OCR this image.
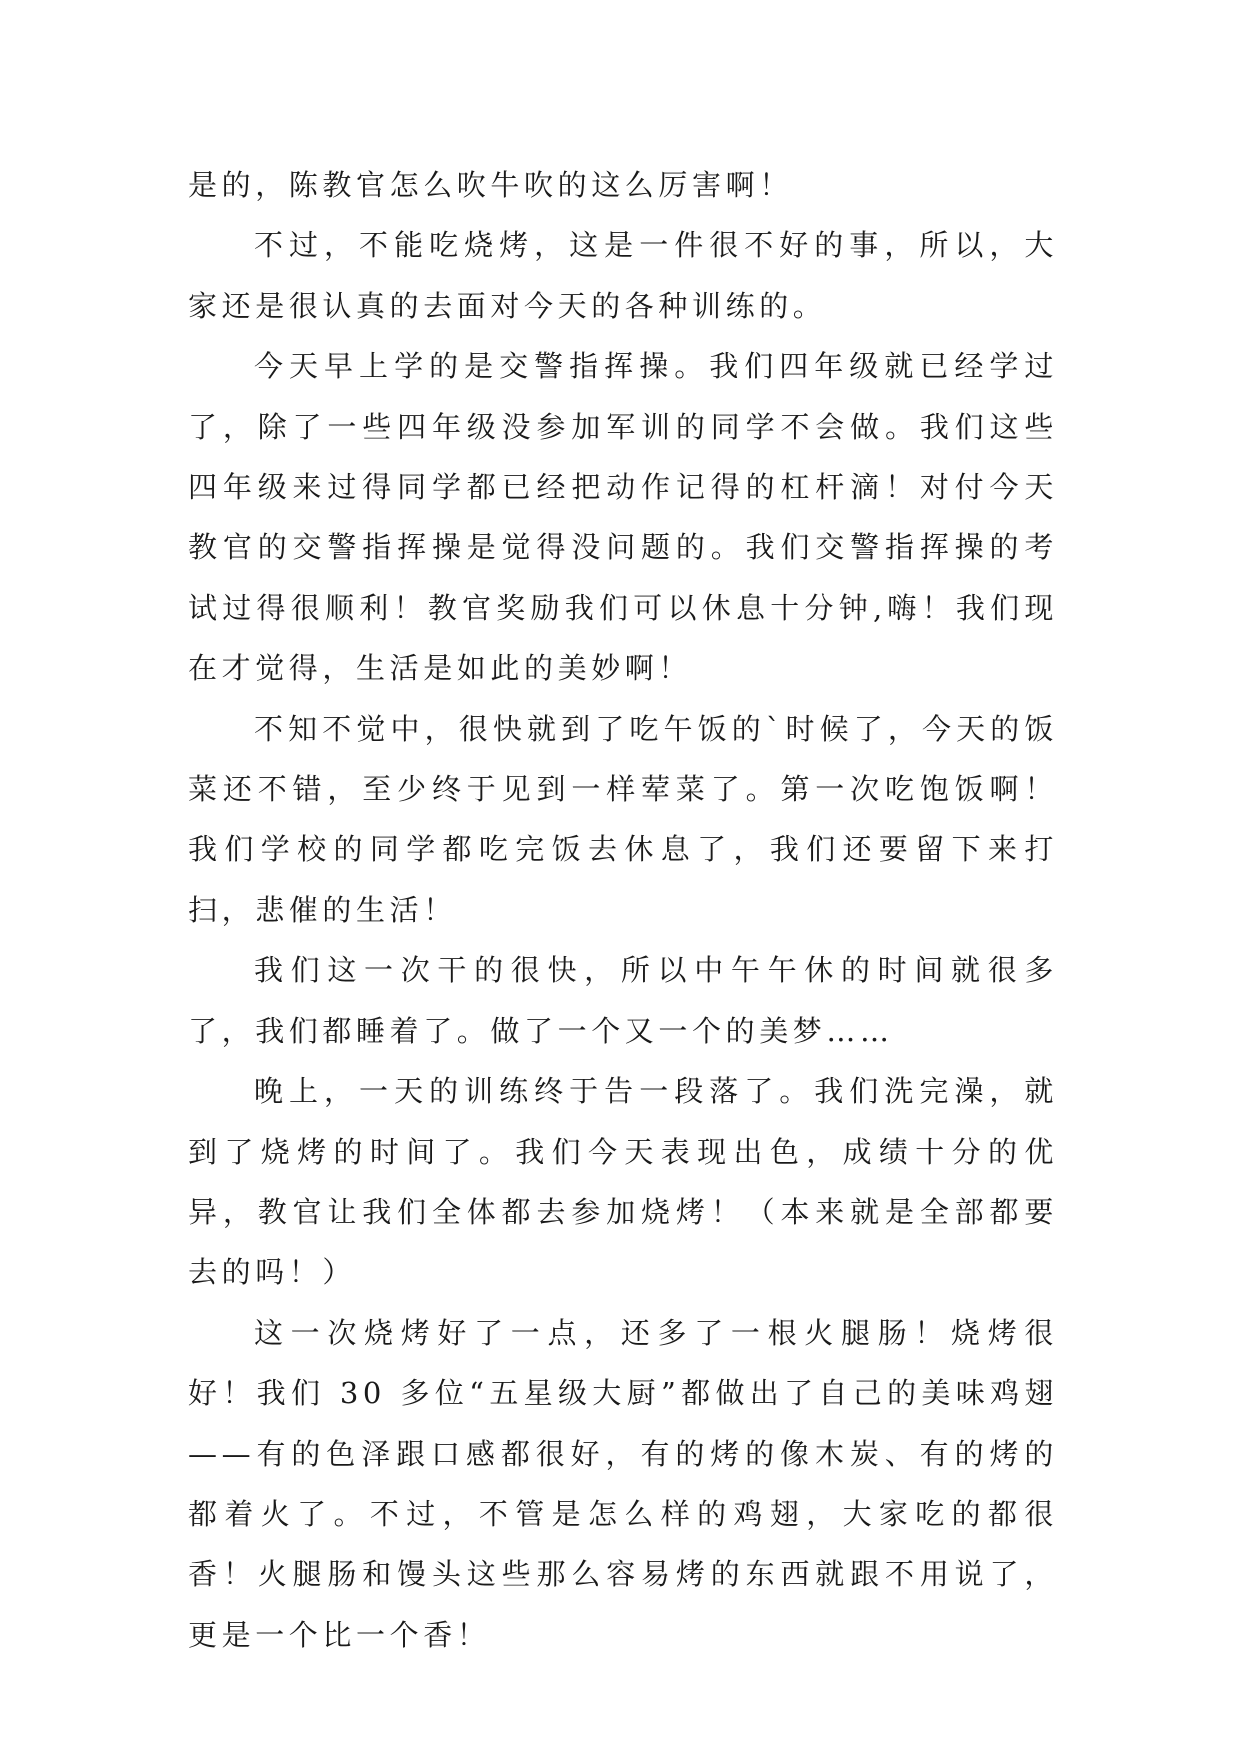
是的，陈教官怎么吹牛吹的这么厉害啊！

不过，不能吃烧烤，这是一件很不好的事，所以，大家还是很认真的去面对今天的各种训练的。

今天早上学的是交警指挥操。我们四年级就已经学过了，除了一些四年级没参加军训的同学不会做。我们这些四年级来过得同学都已经把动作记得的杠杆滴！对付今天教官的交警指挥操是觉得没问题的。我们交警指挥操的考试过得很顺利！教官奖励我们可以休息十分钟,嗨！我们现在才觉得，生活是如此的美妙啊！

不知不觉中，很快就到了吃午饭的`时候了，今天的饭菜还不错，至少终于见到一样荤菜了。第一次吃饱饭啊！我们学校的同学都吃完饭去休息了，我们还要留下来打扫，悲催的生活！

我们这一次干的很快，所以中午午休的时间就很多了，我们都睡着了。做了一个又一个的美梦……

晚上，一天的训练终于告一段落了。我们洗完澡，就到了烧烤的时间了。我们今天表现出色，成绩十分的优异，教官让我们全体都去参加烧烤！（本来就是全部都要去的吗！）

这一次烧烤好了一点，还多了一根火腿肠！烧烤很好！我们 30 多位“五星级大厨”都做出了自己的美味鸡翅——有的色泽跟口感都很好，有的烤的像木炭、有的烤的都着火了。不过，不管是怎么样的鸡翅，大家吃的都很香！火腿肠和馒头这些那么容易烤的东西就跟不用说了，更是一个比一个香！
